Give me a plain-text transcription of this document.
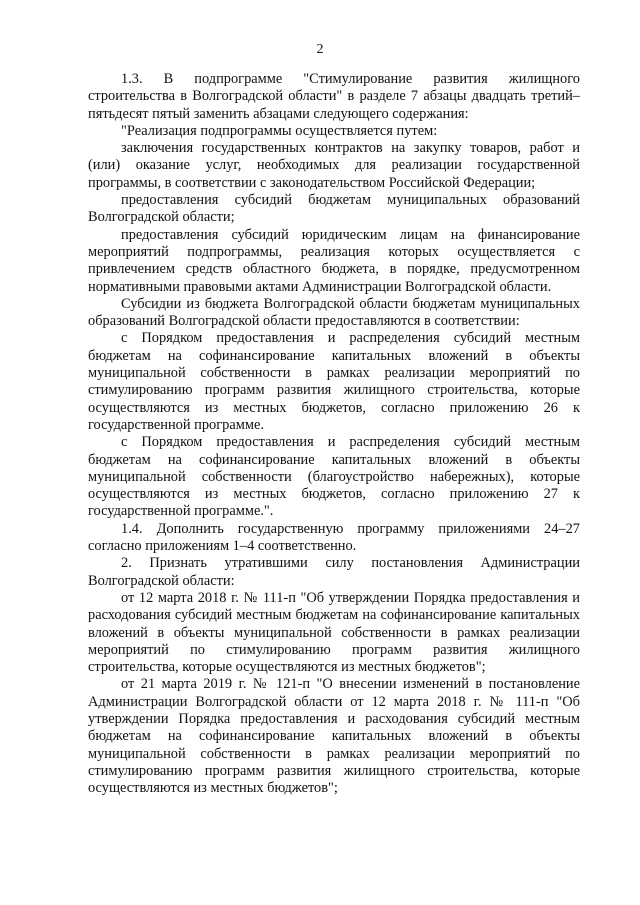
2

1.3. В подпрограмме "Стимулирование развития жилищного строительства в Волгоградской области" в разделе 7 абзацы двадцать третий–пятьдесят пятый заменить абзацами следующего содержания:

"Реализация подпрограммы осуществляется путем:

заключения государственных контрактов на закупку товаров, работ и (или) оказание услуг, необходимых для реализации государственной программы, в соответствии с законодательством Российской Федерации;

предоставления субсидий бюджетам муниципальных образований Волгоградской области;

предоставления субсидий юридическим лицам на финансирование мероприятий подпрограммы, реализация которых осуществляется с привлечением средств областного бюджета, в порядке, предусмотренном нормативными правовыми актами Администрации Волгоградской области.

Субсидии из бюджета Волгоградской области бюджетам муниципальных образований Волгоградской области предоставляются в соответствии:

с Порядком предоставления и распределения субсидий местным бюджетам на софинансирование капитальных вложений в объекты муниципальной собственности в рамках реализации мероприятий по стимулированию программ развития жилищного строительства, которые осуществляются из местных бюджетов, согласно приложению 26 к государственной программе.

с Порядком предоставления и распределения субсидий местным бюджетам на софинансирование капитальных вложений в объекты муниципальной собственности (благоустройство набережных), которые осуществляются из местных бюджетов, согласно приложению 27 к государственной программе.".

1.4. Дополнить государственную программу приложениями 24–27 согласно приложениям 1–4 соответственно.

2. Признать утратившими силу постановления Администрации Волгоградской области:

от 12 марта 2018 г. № 111-п "Об утверждении Порядка предоставления и расходования субсидий местным бюджетам на софинансирование капитальных вложений в объекты муниципальной собственности в рамках реализации мероприятий по стимулированию программ развития жилищного строительства, которые осуществляются из местных бюджетов";

от 21 марта 2019 г. № 121-п "О внесении изменений в постановление Администрации Волгоградской области от 12 марта 2018 г. № 111-п "Об утверждении Порядка предоставления и расходования субсидий местным бюджетам на софинансирование капитальных вложений в объекты муниципальной собственности в рамках реализации мероприятий по стимулированию программ развития жилищного строительства, которые осуществляются из местных бюджетов";
